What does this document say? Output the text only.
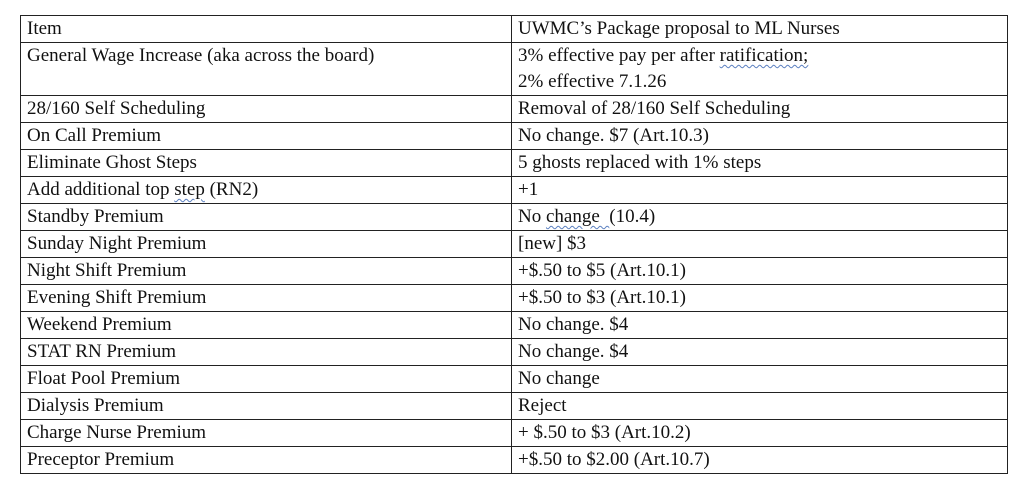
Item	UWMC’s Package proposal to ML Nurses
General Wage Increase (aka across the board)	3% effective pay per after ratification;
2% effective 7.1.26

28/160 Self Scheduling	Removal of 28/160 Self Scheduling
On Call Premium	No change. $7 (Art.10.3)
Eliminate Ghost Steps	5 ghosts replaced with 1% steps
Add additional top step (RN2)	+1
Standby Premium	No change  (10.4)
Sunday Night Premium	[new] $3
Night Shift Premium	+$.50 to $5 (Art.10.1)
Evening Shift Premium	+$.50 to $3 (Art.10.1)
Weekend Premium	No change. $4
STAT RN Premium	No change. $4
Float Pool Premium	No change
Dialysis Premium	Reject
Charge Nurse Premium	+ $.50 to $3 (Art.10.2)
Preceptor Premium	+$.50 to $2.00 (Art.10.7)
